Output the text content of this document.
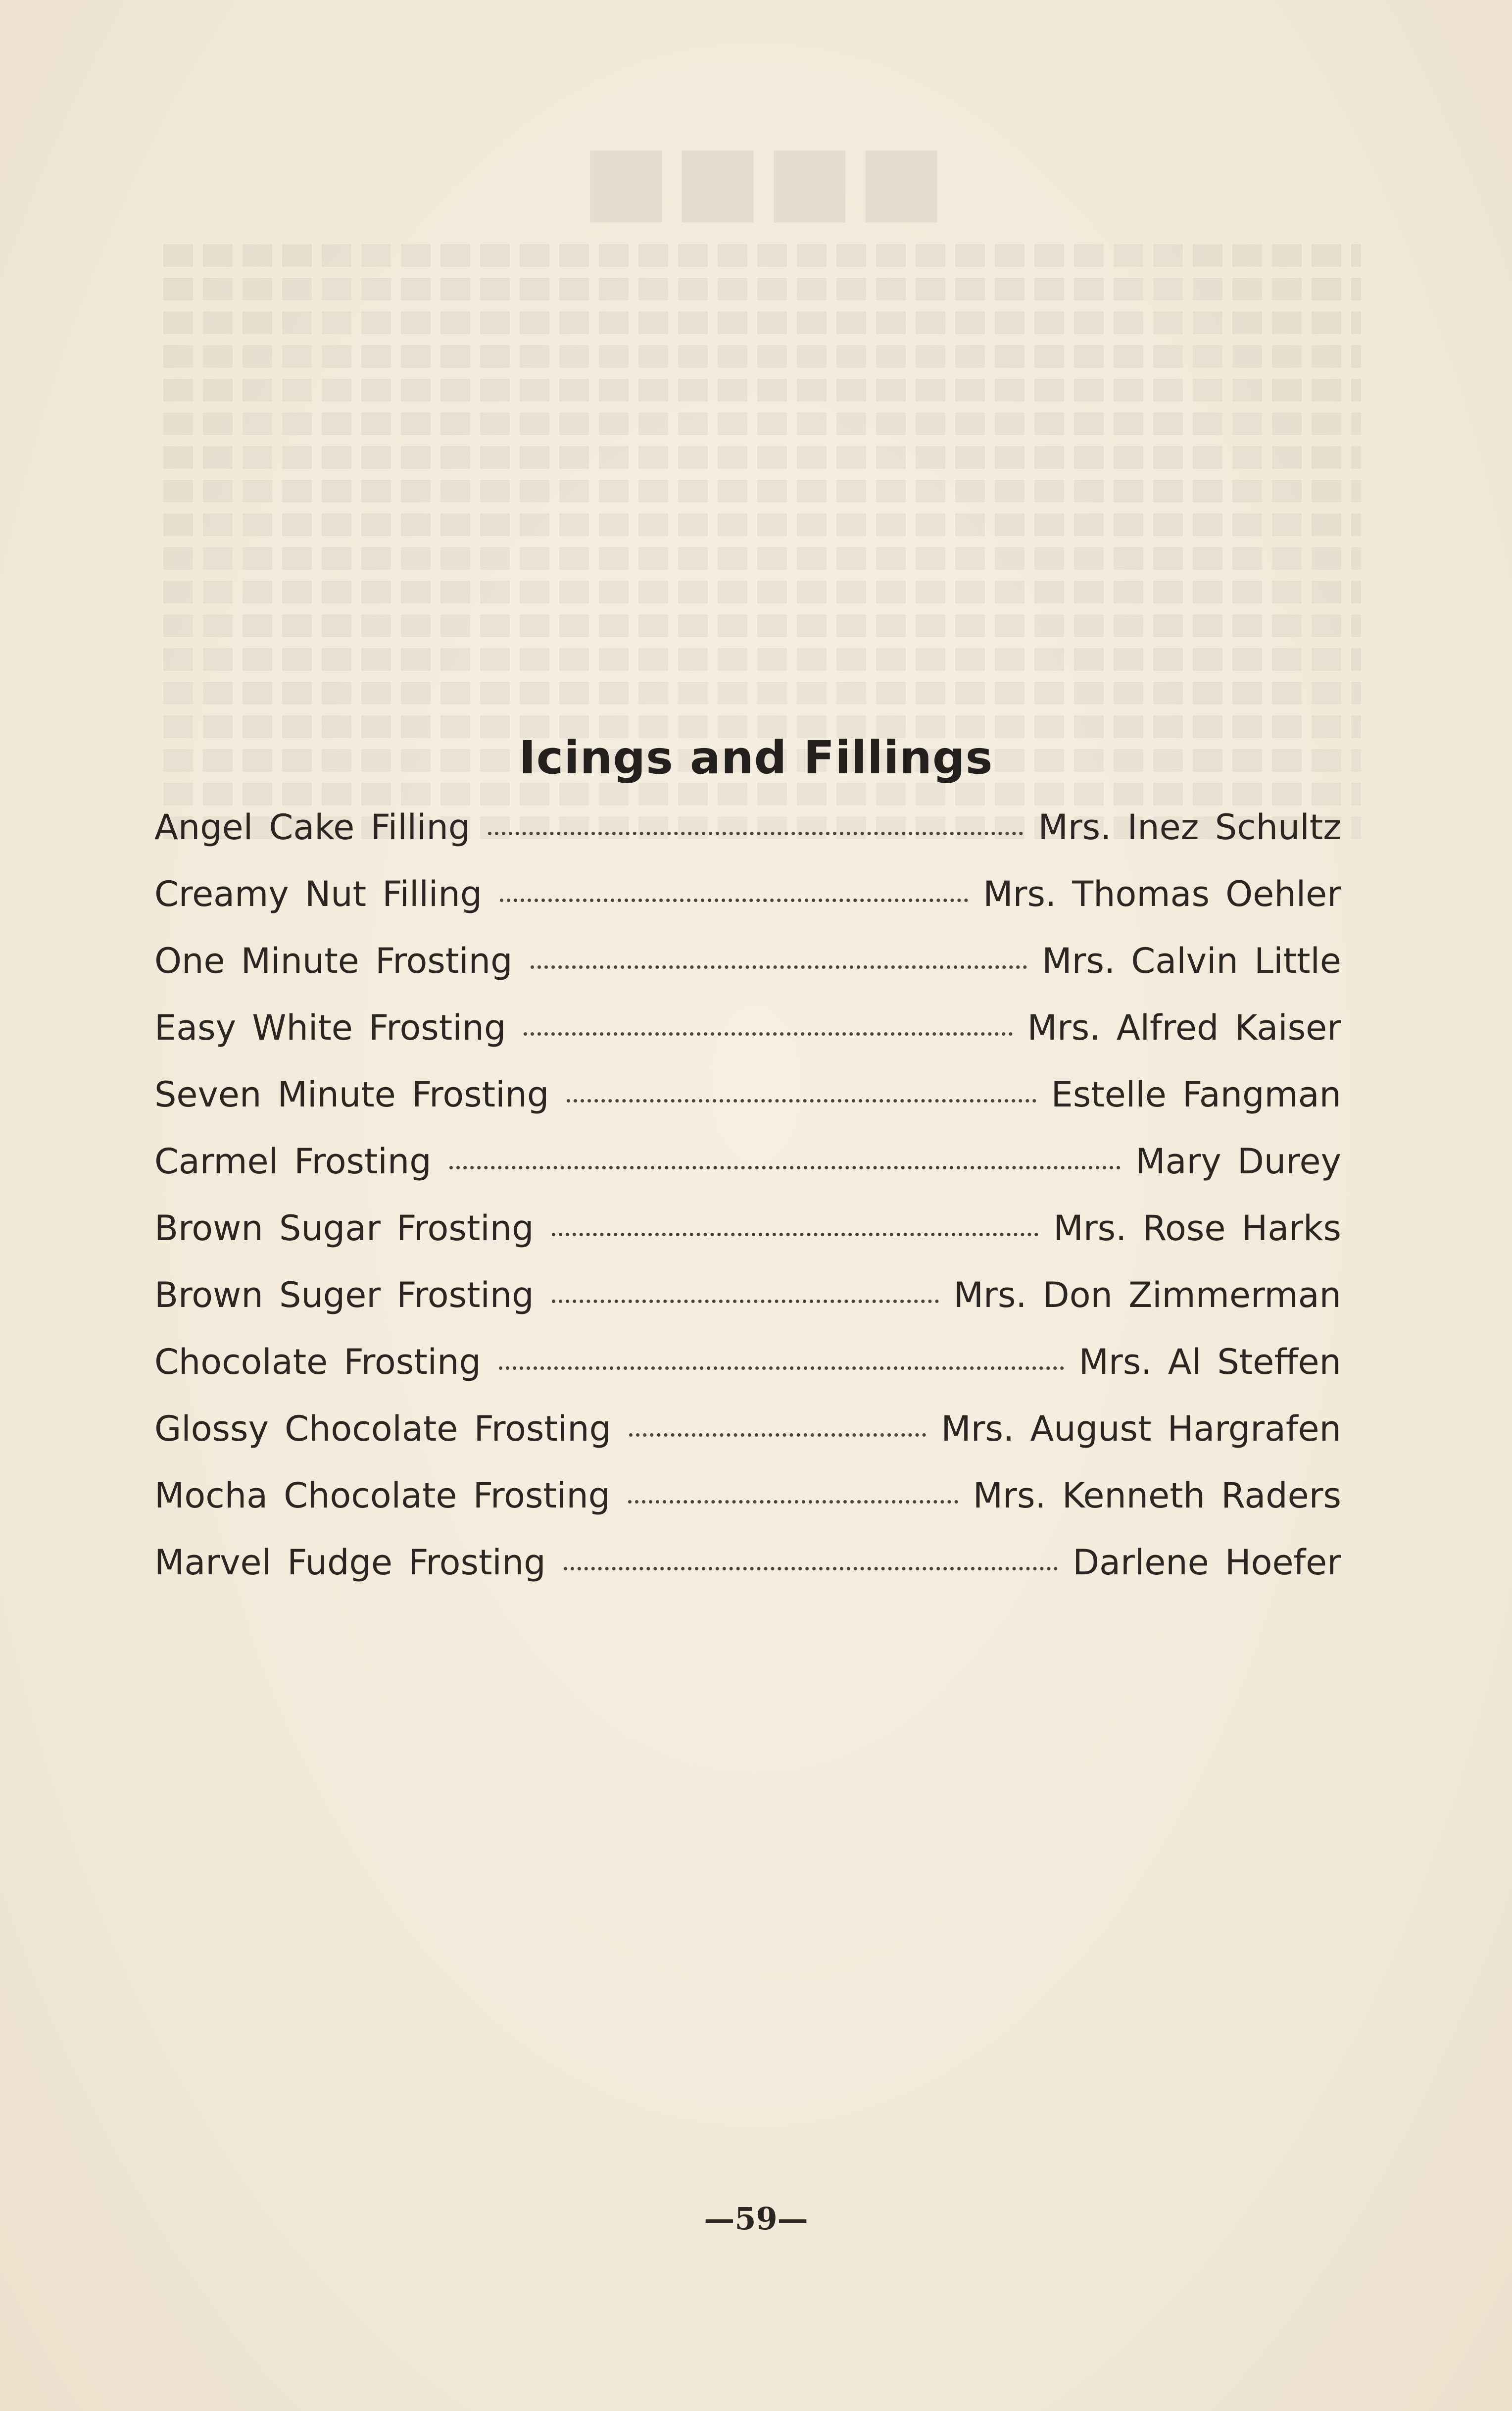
■■■■
Icings and Fillings
Angel Cake Filling	Mrs. Inez Schultz
Creamy Nut Filling	Mrs. Thomas Oehler
One Minute Frosting	Mrs. Calvin Little
Easy White Frosting	Mrs. Alfred Kaiser
Seven Minute Frosting	Estelle Fangman
Carmel Frosting	Mary Durey
Brown Sugar Frosting	Mrs. Rose Harks
Brown Suger Frosting	Mrs. Don Zimmerman
Chocolate Frosting	Mrs. Al Steffen
Glossy Chocolate Frosting	Mrs. August Hargrafen
Mocha Chocolate Frosting	Mrs. Kenneth Raders
Marvel Fudge Frosting	Darlene Hoefer
—59—
